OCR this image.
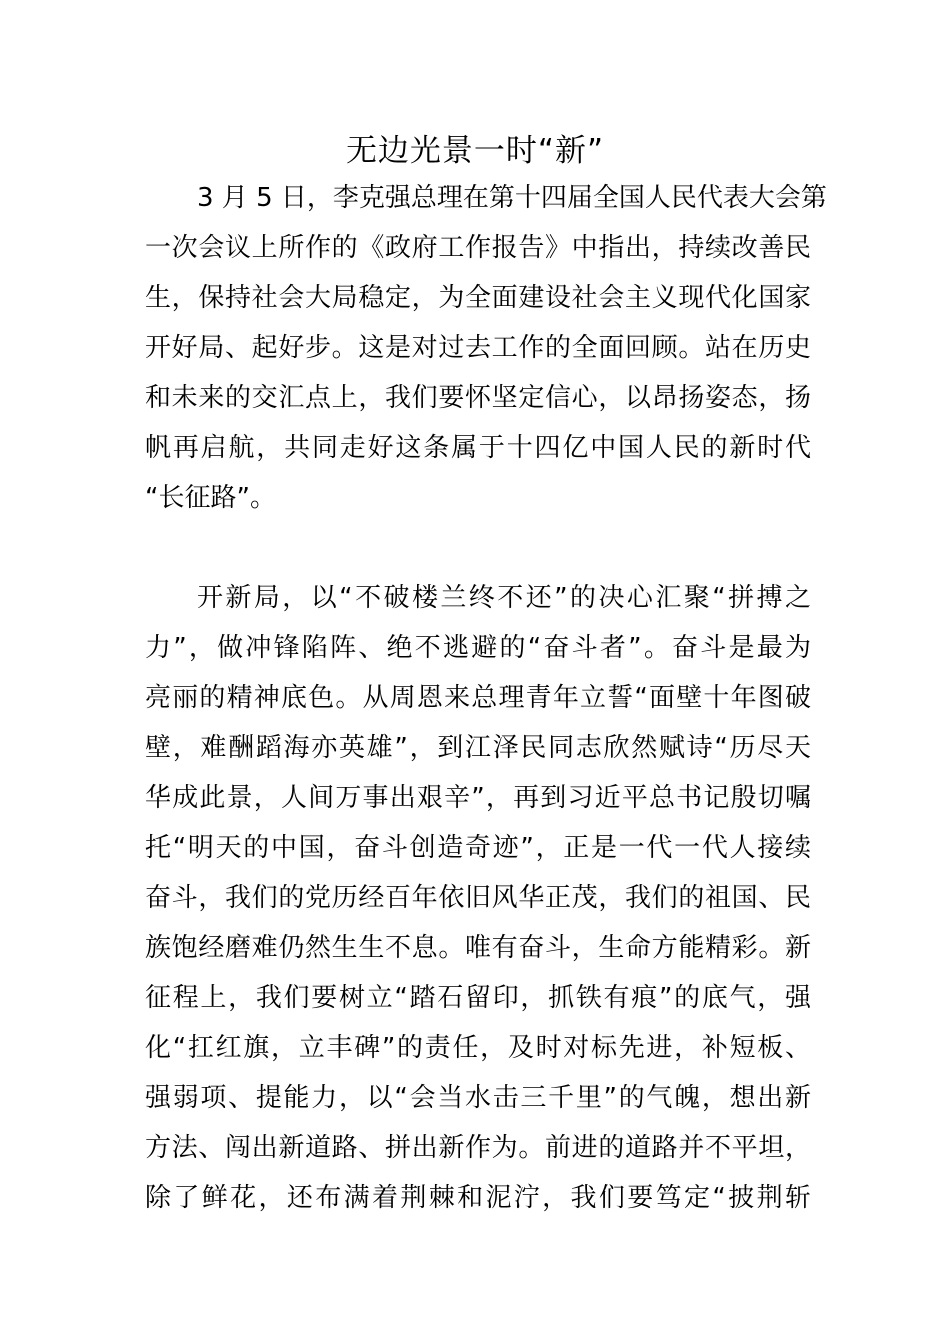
无边光景一时“新”
3 月 5 日，李克强总理在第十四届全国人民代表大会第
一次会议上所作的《政府工作报告》中指出，持续改善民
生，保持社会大局稳定，为全面建设社会主义现代化国家
开好局、起好步。这是对过去工作的全面回顾。站在历史
和未来的交汇点上，我们要怀坚定信心，以昂扬姿态，扬
帆再启航，共同走好这条属于十四亿中国人民的新时代
“长征路”。
开新局，以“不破楼兰终不还”的决心汇聚“拼搏之
力”，做冲锋陷阵、绝不逃避的“奋斗者”。奋斗是最为
亮丽的精神底色。从周恩来总理青年立誓“面壁十年图破
壁，难酬蹈海亦英雄”，到江泽民同志欣然赋诗“历尽天
华成此景，人间万事出艰辛”，再到习近平总书记殷切嘱
托“明天的中国，奋斗创造奇迹”，正是一代一代人接续
奋斗，我们的党历经百年依旧风华正茂，我们的祖国、民
族饱经磨难仍然生生不息。唯有奋斗，生命方能精彩。新
征程上，我们要树立“踏石留印，抓铁有痕”的底气，强
化“扛红旗，立丰碑”的责任，及时对标先进，补短板、
强弱项、提能力，以“会当水击三千里”的气魄，想出新
方法、闯出新道路、拼出新作为。前进的道路并不平坦，
除了鲜花，还布满着荆棘和泥泞，我们要笃定“披荆斩
